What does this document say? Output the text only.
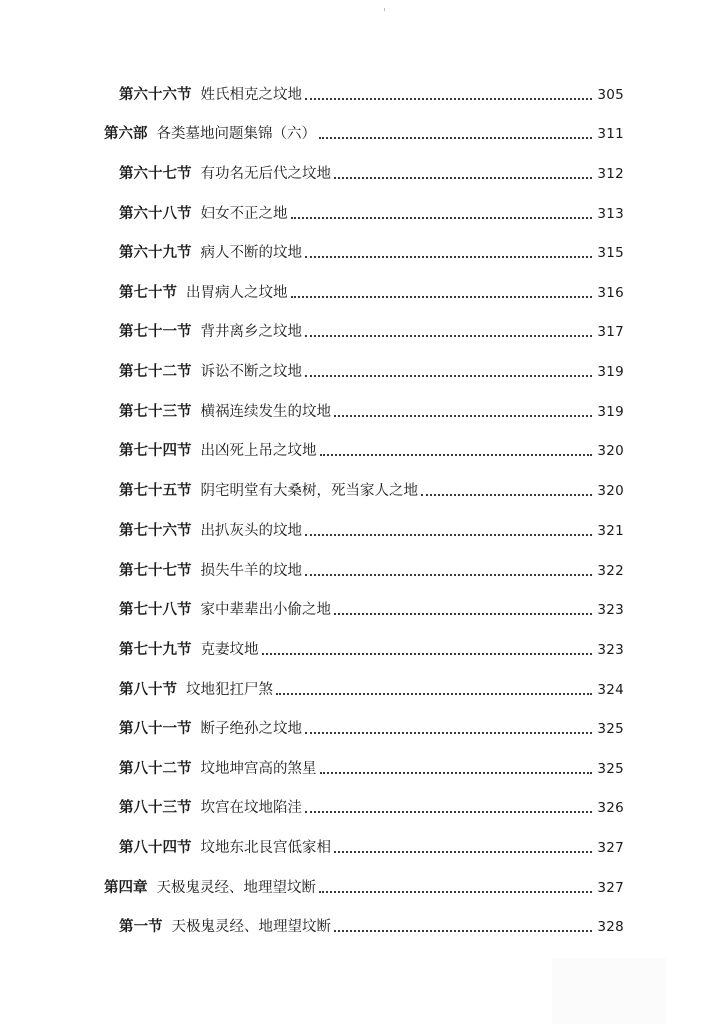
第六十六节 姓氏相克之坟地	305
第六部 各类墓地问题集锦（六）	311
第六十七节 有功名无后代之坟地	312
第六十八节 妇女不正之地	313
第六十九节 病人不断的坟地	315
第七十节 出胃病人之坟地	316
第七十一节 背井离乡之坟地	317
第七十二节 诉讼不断之坟地	319
第七十三节 横祸连续发生的坟地	319
第七十四节 出凶死上吊之坟地	320
第七十五节 阴宅明堂有大桑树，死当家人之地	320
第七十六节 出扒灰头的坟地	321
第七十七节 损失牛羊的坟地	322
第七十八节 家中辈辈出小偷之地	323
第七十九节 克妻坟地	323
第八十节 坟地犯扛尸煞	324
第八十一节 断子绝孙之坟地	325
第八十二节 坟地坤宫高的煞星	325
第八十三节 坎宫在坟地陷洼	326
第八十四节 坟地东北艮宫低家相	327
第四章 天极鬼灵经、地理望坟断	327
第一节 天极鬼灵经、地理望坟断	328
